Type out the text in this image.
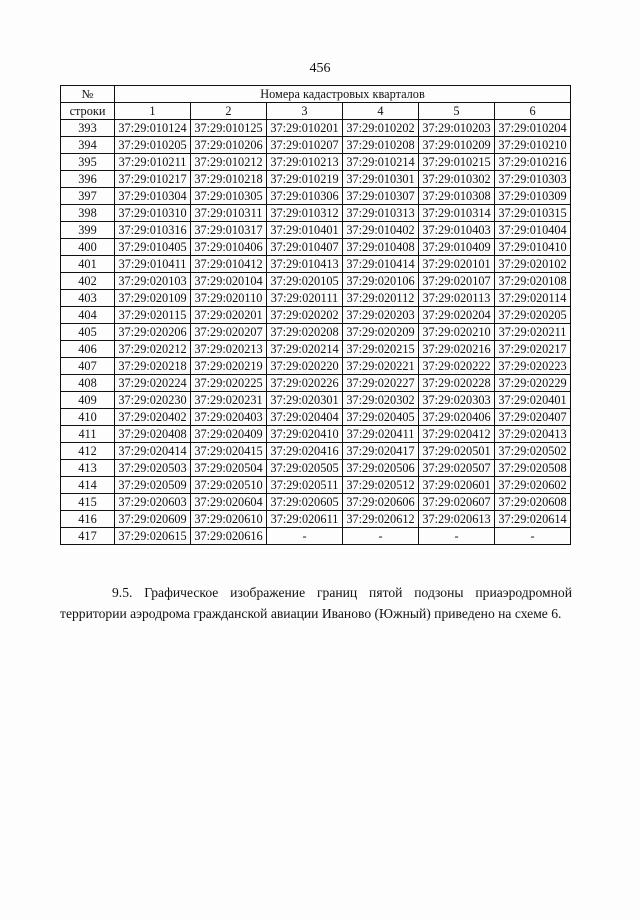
456
№	Номера кадастровых кварталов					
строки	1	2	3	4	5	6
393	37:29:010124	37:29:010125	37:29:010201	37:29:010202	37:29:010203	37:29:010204
394	37:29:010205	37:29:010206	37:29:010207	37:29:010208	37:29:010209	37:29:010210
395	37:29:010211	37:29:010212	37:29:010213	37:29:010214	37:29:010215	37:29:010216
396	37:29:010217	37:29:010218	37:29:010219	37:29:010301	37:29:010302	37:29:010303
397	37:29:010304	37:29:010305	37:29:010306	37:29:010307	37:29:010308	37:29:010309
398	37:29:010310	37:29:010311	37:29:010312	37:29:010313	37:29:010314	37:29:010315
399	37:29:010316	37:29:010317	37:29:010401	37:29:010402	37:29:010403	37:29:010404
400	37:29:010405	37:29:010406	37:29:010407	37:29:010408	37:29:010409	37:29:010410
401	37:29:010411	37:29:010412	37:29:010413	37:29:010414	37:29:020101	37:29:020102
402	37:29:020103	37:29:020104	37:29:020105	37:29:020106	37:29:020107	37:29:020108
403	37:29:020109	37:29:020110	37:29:020111	37:29:020112	37:29:020113	37:29:020114
404	37:29:020115	37:29:020201	37:29:020202	37:29:020203	37:29:020204	37:29:020205
405	37:29:020206	37:29:020207	37:29:020208	37:29:020209	37:29:020210	37:29:020211
406	37:29:020212	37:29:020213	37:29:020214	37:29:020215	37:29:020216	37:29:020217
407	37:29:020218	37:29:020219	37:29:020220	37:29:020221	37:29:020222	37:29:020223
408	37:29:020224	37:29:020225	37:29:020226	37:29:020227	37:29:020228	37:29:020229
409	37:29:020230	37:29:020231	37:29:020301	37:29:020302	37:29:020303	37:29:020401
410	37:29:020402	37:29:020403	37:29:020404	37:29:020405	37:29:020406	37:29:020407
411	37:29:020408	37:29:020409	37:29:020410	37:29:020411	37:29:020412	37:29:020413
412	37:29:020414	37:29:020415	37:29:020416	37:29:020417	37:29:020501	37:29:020502
413	37:29:020503	37:29:020504	37:29:020505	37:29:020506	37:29:020507	37:29:020508
414	37:29:020509	37:29:020510	37:29:020511	37:29:020512	37:29:020601	37:29:020602
415	37:29:020603	37:29:020604	37:29:020605	37:29:020606	37:29:020607	37:29:020608
416	37:29:020609	37:29:020610	37:29:020611	37:29:020612	37:29:020613	37:29:020614
417	37:29:020615	37:29:020616	-	-	-	-

9.5. Графическое изображение границ пятой подзоны приаэродромной территории аэродрома гражданской авиации Иваново (Южный) приведено на схеме 6.
